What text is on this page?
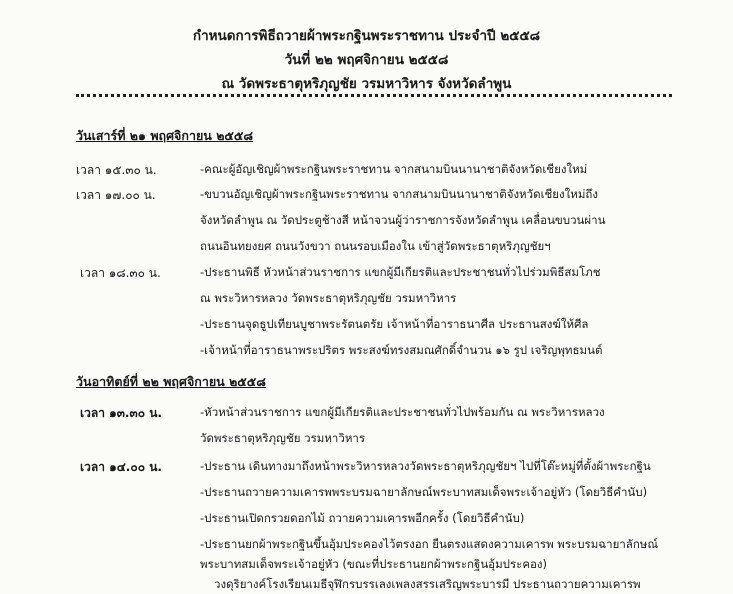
กำหนดการพิธีถวายผ้าพระกฐินพระราชทาน ประจำปี ๒๕๕๘
วันที่ ๒๒ พฤศจิกายน ๒๕๕๘
ณ วัดพระธาตุหริภุญชัย วรมหาวิหาร จังหวัดลำพูน
วันเสาร์ที่ ๒๑ พฤศจิกายน ๒๕๕๘
เวลา ๑๕.๓๐ น.	-คณะผู้อัญเชิญผ้าพระกฐินพระราชทาน จากสนามบินนานาชาติจังหวัดเชียงใหม่
เวลา ๑๗.๐๐ น.	-ขบวนอัญเชิญผ้าพระกฐินพระราชทาน จากสนามบินนานาชาติจังหวัดเชียงใหม่ถึง
จังหวัดลำพูน ณ วัดประตูช้างสี หน้าจวนผู้ว่าราชการจังหวัดลำพูน เคลื่อนขบวนผ่าน
ถนนอินทยงยศ ถนนวังขวา ถนนรอบเมืองใน เข้าสู่วัดพระธาตุหริภุญชัยฯ
เวลา ๑๘.๓๐ น.	-ประธานพิธี หัวหน้าส่วนราชการ แขกผู้มีเกียรติและประชาชนทั่วไปร่วมพิธีสมโภช
ณ พระวิหารหลวง วัดพระธาตุหริภุญชัย วรมหาวิหาร
-ประธานจุดธูปเทียนบูชาพระรัตนตรัย เจ้าหน้าที่อาราธนาศีล ประธานสงฆ์ให้ศีล
-เจ้าหน้าที่อาราธนาพระปริตร พระสงฆ์ทรงสมณศักดิ์จำนวน ๑๖ รูป เจริญพุทธมนต์
วันอาทิตย์ที่ ๒๒ พฤศจิกายน ๒๕๕๘
เวลา ๑๓.๓๐ น.	-หัวหน้าส่วนราชการ แขกผู้มีเกียรติและประชาชนทั่วไปพร้อมกัน ณ พระวิหารหลวง
วัดพระธาตุหริภุญชัย วรมหาวิหาร
เวลา ๑๔.๐๐ น.	-ประธาน เดินทางมาถึงหน้าพระวิหารหลวงวัดพระธาตุหริภุญชัยฯ ไปที่โต๊ะหมู่ที่ตั้งผ้าพระกฐิน
-ประธานถวายความเคารพพระบรมฉายาลักษณ์พระบาทสมเด็จพระเจ้าอยู่หัว (โดยวิธีคำนับ)
-ประธานเปิดกรวยดอกไม้ ถวายความเคารพอีกครั้ง (โดยวิธีคำนับ)
-ประธานยกผ้าพระกฐินขึ้นอุ้มประคองไว้ตรงอก ยืนตรงแสดงความเคารพ พระบรมฉายาลักษณ์
พระบาทสมเด็จพระเจ้าอยู่หัว (ขณะที่ประธานยกผ้าพระกฐินอุ้มประคอง)
วงดุริยางค์โรงเรียนเมธีจุฬิกรบรรเลงเพลงสรรเสริญพระบารมี ประธานถวายความเคารพ
